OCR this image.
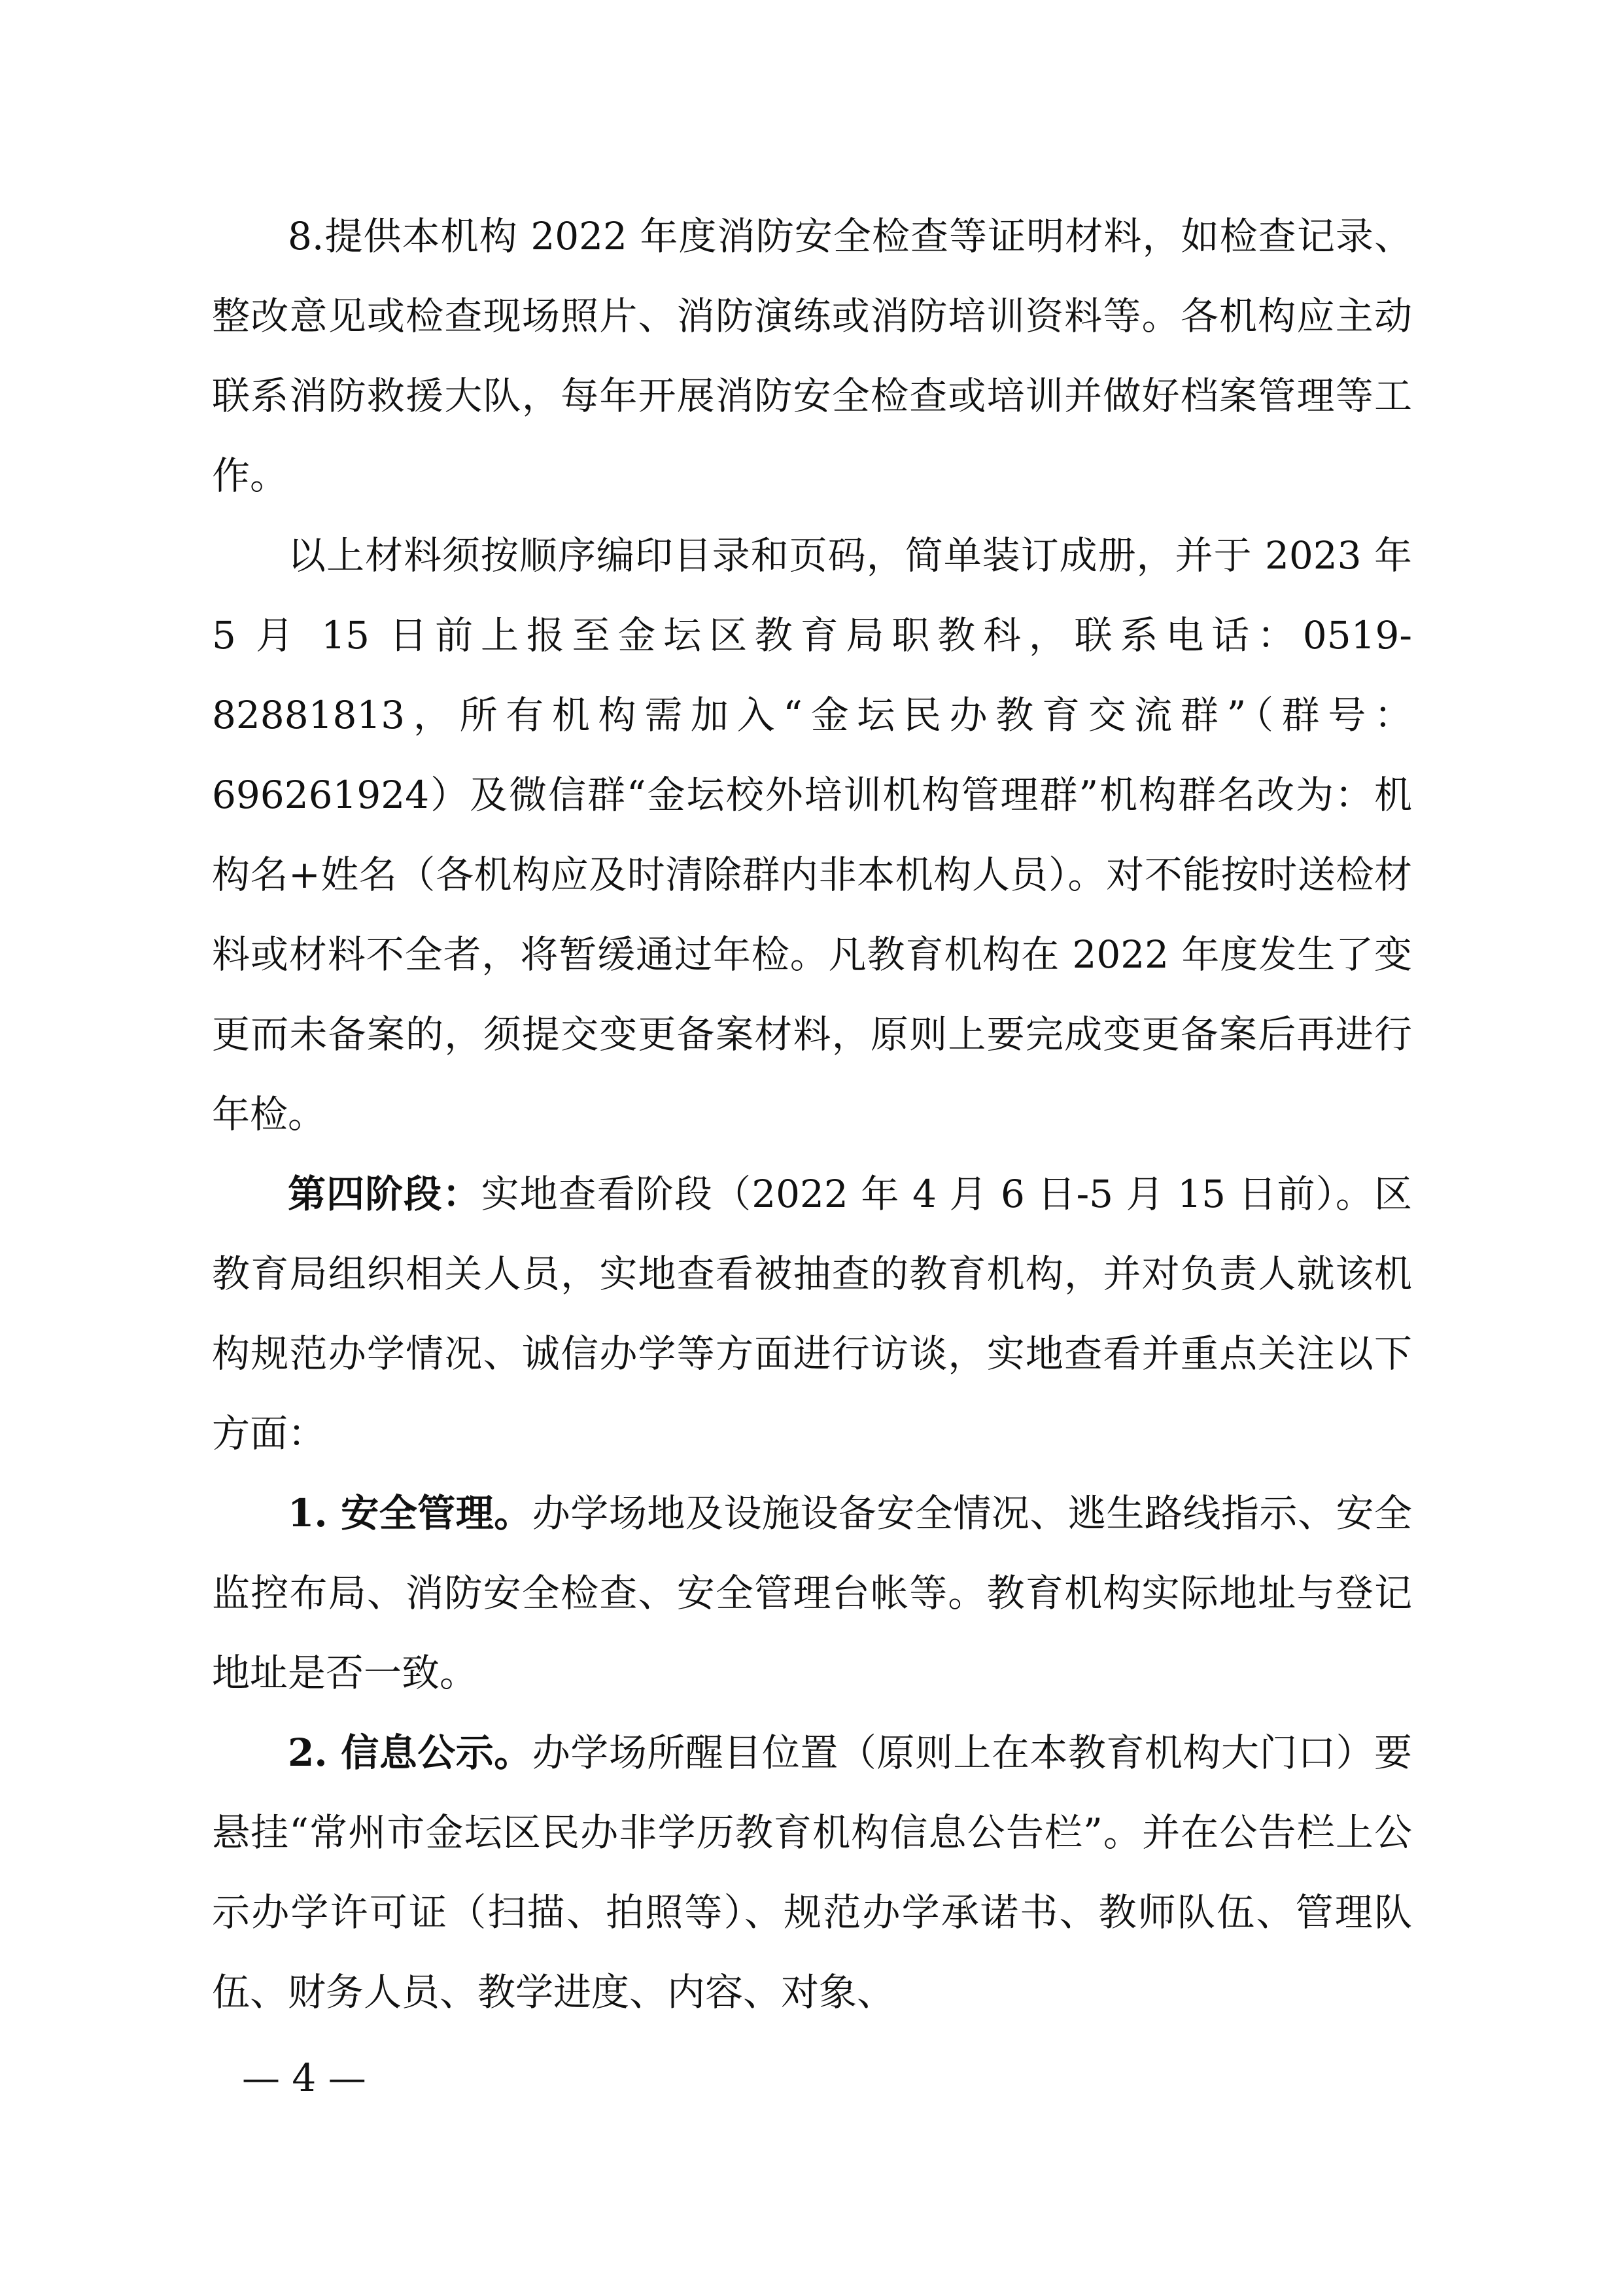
8.提供本机构 2022 年度消防安全检查等证明材料，如检查记录、整改意见或检查现场照片、消防演练或消防培训资料等。各机构应主动联系消防救援大队，每年开展消防安全检查或培训并做好档案管理等工作。

以上材料须按顺序编印目录和页码，简单装订成册，并于 2023 年 5 月 15 日前上报至金坛区教育局职教科，联系电话：0519-82881813，所有机构需加入“金坛民办教育交流群”（群号：696261924）及微信群“金坛校外培训机构管理群”机构群名改为：机构名+姓名（各机构应及时清除群内非本机构人员）。对不能按时送检材料或材料不全者，将暂缓通过年检。凡教育机构在 2022 年度发生了变更而未备案的，须提交变更备案材料，原则上要完成变更备案后再进行年检。

第四阶段：实地查看阶段（2022 年 4 月 6 日-5 月 15 日前）。区教育局组织相关人员，实地查看被抽查的教育机构，并对负责人就该机构规范办学情况、诚信办学等方面进行访谈，实地查看并重点关注以下方面：

1. 安全管理。办学场地及设施设备安全情况、逃生路线指示、安全监控布局、消防安全检查、安全管理台帐等。教育机构实际地址与登记地址是否一致。

2. 信息公示。办学场所醒目位置（原则上在本教育机构大门口）要悬挂“常州市金坛区民办非学历教育机构信息公告栏”。并在公告栏上公示办学许可证（扫描、拍照等）、规范办学承诺书、教师队伍、管理队伍、财务人员、教学进度、内容、对象、

— 4 —
